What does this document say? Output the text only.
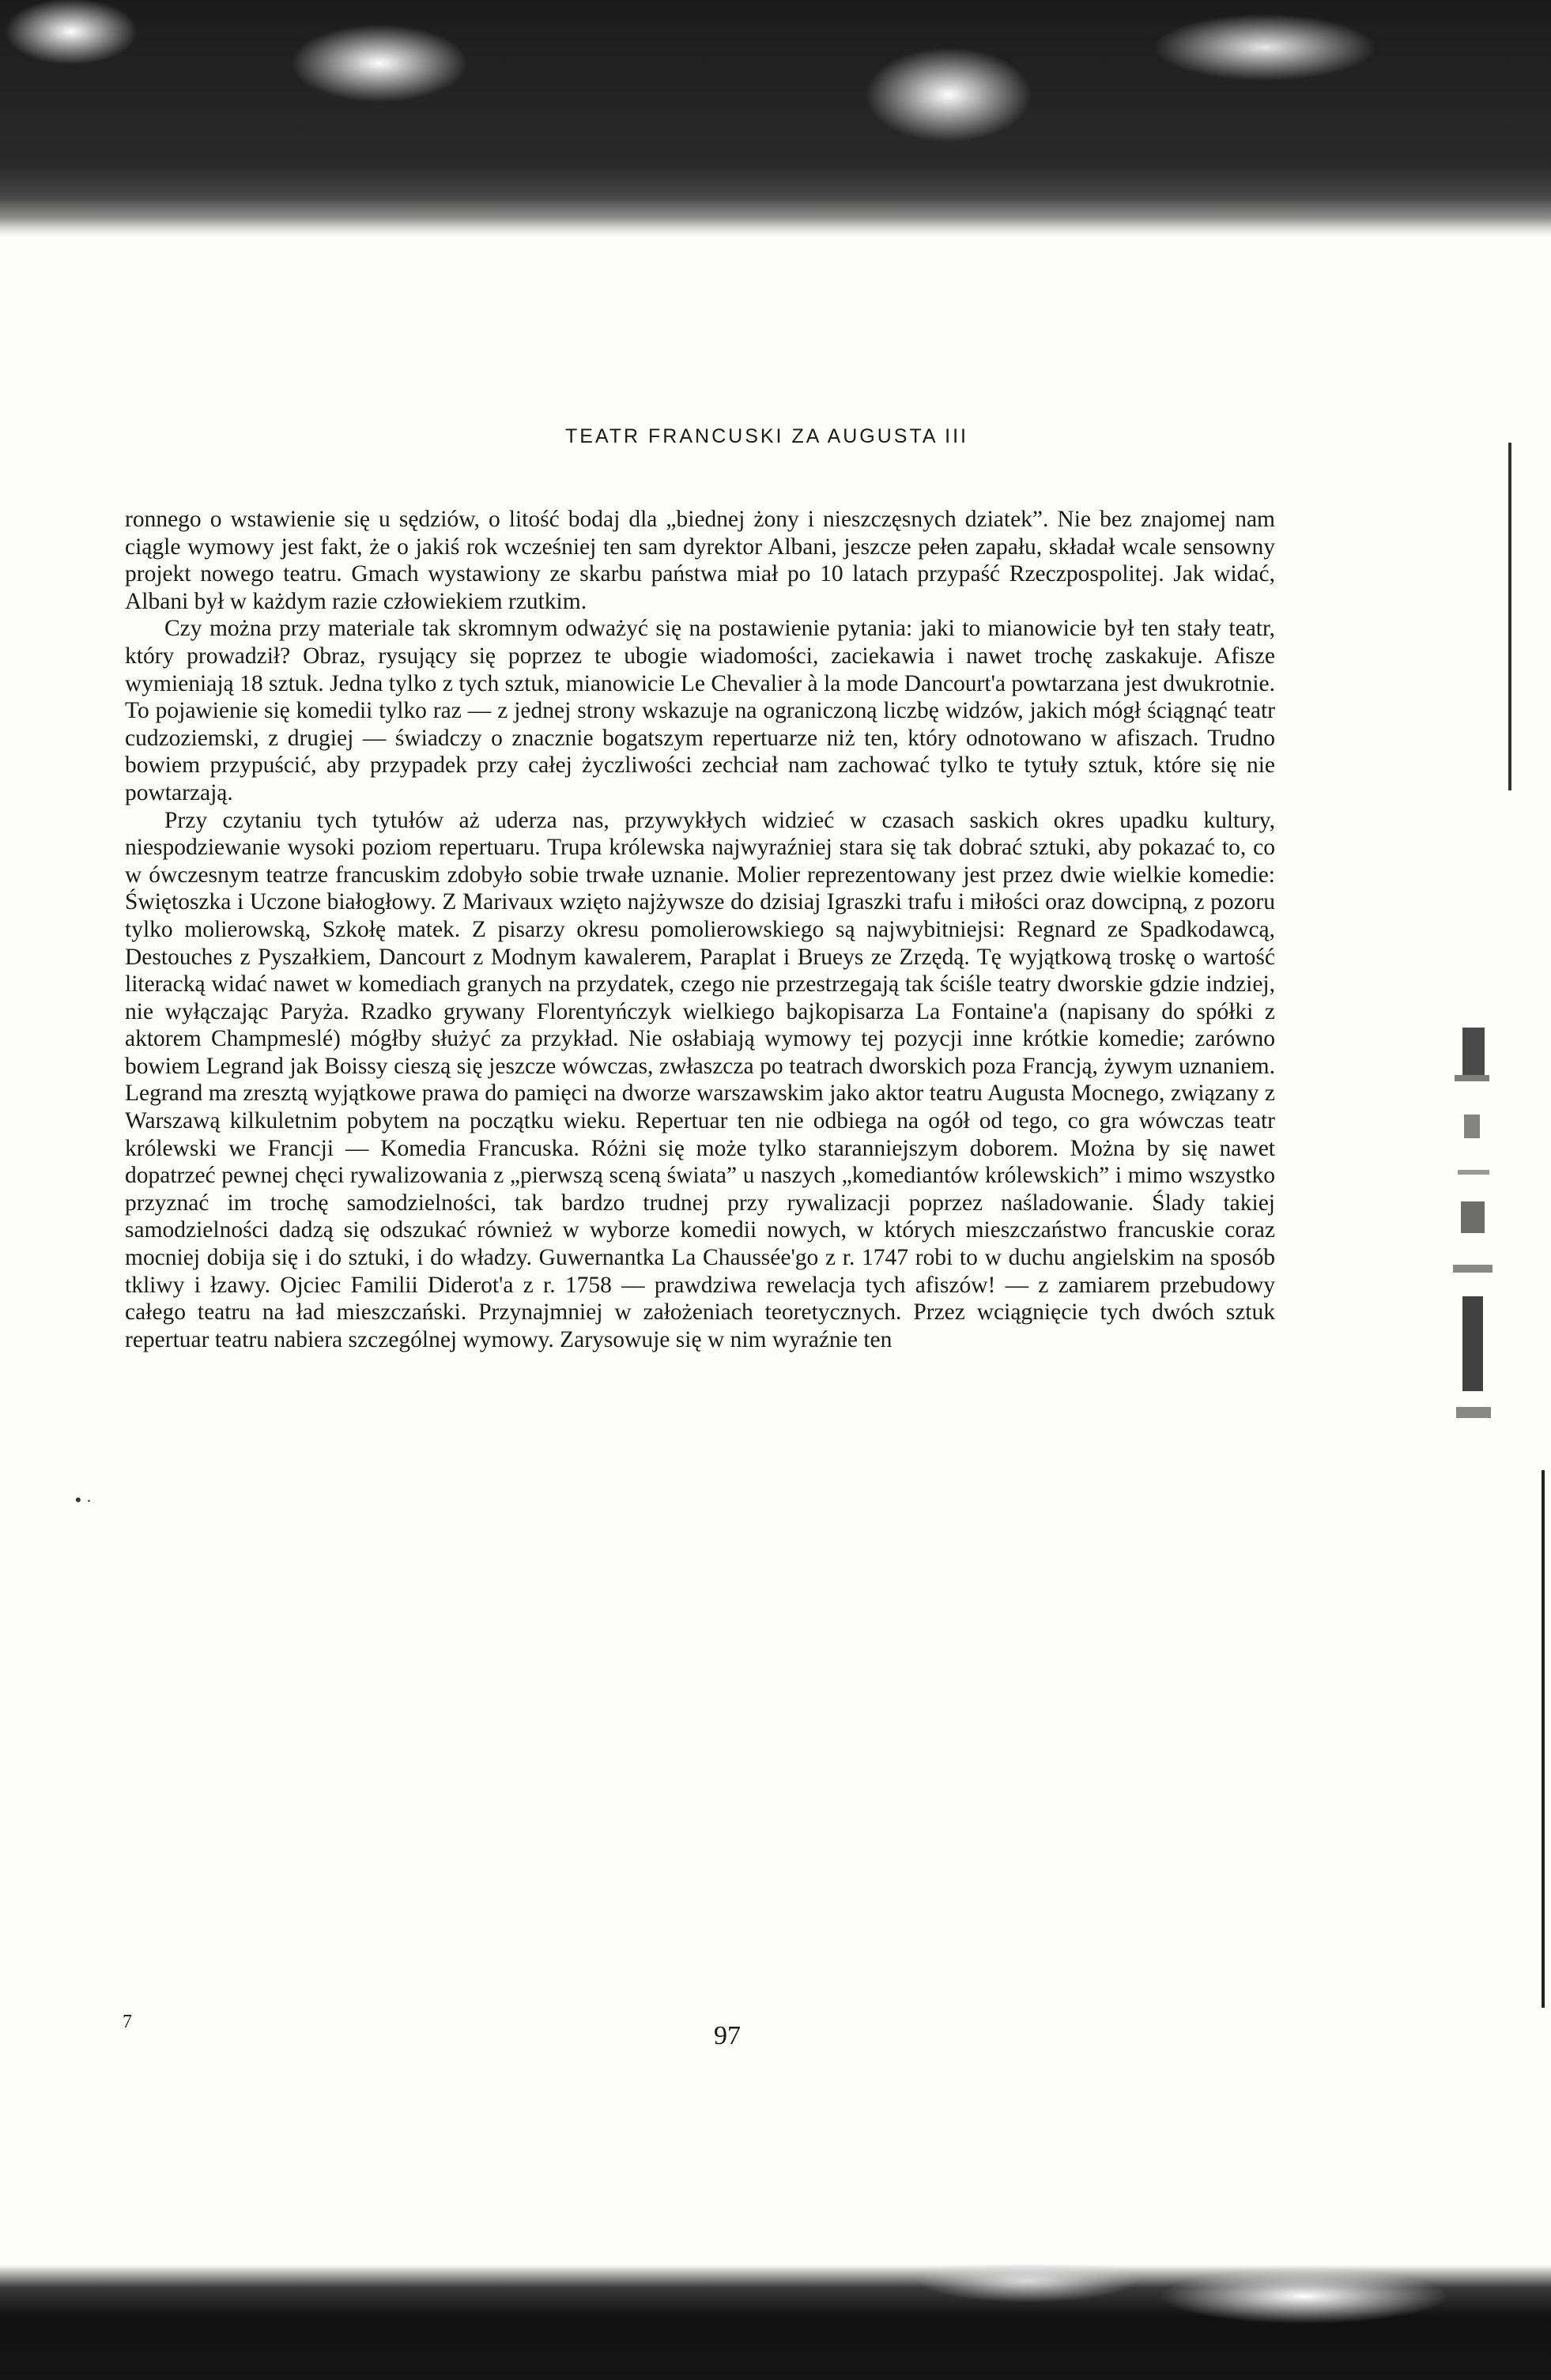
TEATR FRANCUSKI ZA AUGUSTA III

ronnego o wstawienie się u sędziów, o litość bodaj dla „biednej żony i nieszczęsnych dziatek”. Nie bez znajomej nam ciągle wymowy jest fakt, że o jakiś rok wcześniej ten sam dyrektor Albani, jeszcze pełen zapału, składał wcale sensowny projekt nowego teatru. Gmach wystawiony ze skarbu państwa miał po 10 latach przypaść Rzeczpospolitej. Jak widać, Albani był w każdym razie człowiekiem rzutkim.

Czy można przy materiale tak skromnym odważyć się na postawienie pytania: jaki to mianowicie był ten stały teatr, który prowadził? Obraz, rysujący się poprzez te ubogie wiadomości, zaciekawia i nawet trochę zaskakuje. Afisze wymieniają 18 sztuk. Jedna tylko z tych sztuk, mianowicie Le Chevalier à la mode Dancourt'a powtarzana jest dwukrotnie. To pojawienie się komedii tylko raz — z jednej strony wskazuje na ograniczoną liczbę widzów, jakich mógł ściągnąć teatr cudzoziemski, z drugiej — świadczy o znacznie bogatszym repertuarze niż ten, który odnotowano w afiszach. Trudno bowiem przypuścić, aby przypadek przy całej życzliwości zechciał nam zachować tylko te tytuły sztuk, które się nie powtarzają.

Przy czytaniu tych tytułów aż uderza nas, przywykłych widzieć w czasach saskich okres upadku kultury, niespodziewanie wysoki poziom repertuaru. Trupa królewska najwyraźniej stara się tak dobrać sztuki, aby pokazać to, co w ówczesnym teatrze francuskim zdobyło sobie trwałe uznanie. Molier reprezentowany jest przez dwie wielkie komedie: Świętoszka i Uczone białogłowy. Z Marivaux wzięto najżywsze do dzisiaj Igraszki trafu i miłości oraz dowcipną, z pozoru tylko molierowską, Szkołę matek. Z pisarzy okresu pomolierowskiego są najwybitniejsi: Regnard ze Spadkodawcą, Destouches z Pyszałkiem, Dancourt z Modnym kawalerem, Paraplat i Brueys ze Zrzędą. Tę wyjątkową troskę o wartość literacką widać nawet w komediach granych na przydatek, czego nie przestrzegają tak ściśle teatry dworskie gdzie indziej, nie wyłączając Paryża. Rzadko grywany Florentyńczyk wielkiego bajkopisarza La Fontaine'a (napisany do spółki z aktorem Champmeslé) mógłby służyć za przykład. Nie osłabiają wymowy tej pozycji inne krótkie komedie; zarówno bowiem Legrand jak Boissy cieszą się jeszcze wówczas, zwłaszcza po teatrach dworskich poza Francją, żywym uznaniem. Legrand ma zresztą wyjątkowe prawa do pamięci na dworze warszawskim jako aktor teatru Augusta Mocnego, związany z Warszawą kilkuletnim pobytem na początku wieku. Repertuar ten nie odbiega na ogół od tego, co gra wówczas teatr królewski we Francji — Komedia Francuska. Różni się może tylko staranniejszym doborem. Można by się nawet dopatrzeć pewnej chęci rywalizowania z „pierwszą sceną świata” u naszych „komediantów królewskich” i mimo wszystko przyznać im trochę samodzielności, tak bardzo trudnej przy rywalizacji poprzez naśladowanie. Ślady takiej samodzielności dadzą się odszukać również w wyborze komedii nowych, w których mieszczaństwo francuskie coraz mocniej dobija się i do sztuki, i do władzy. Guwernantka La Chaussée'go z r. 1747 robi to w duchu angielskim na sposób tkliwy i łzawy. Ojciec Familii Diderot'a z r. 1758 — prawdziwa rewelacja tych afiszów! — z zamiarem przebudowy całego teatru na ład mieszczański. Przynajmniej w założeniach teoretycznych. Przez wciągnięcie tych dwóch sztuk repertuar teatru nabiera szczególnej wymowy. Zarysowuje się w nim wyraźnie ten

• ·
7	97
